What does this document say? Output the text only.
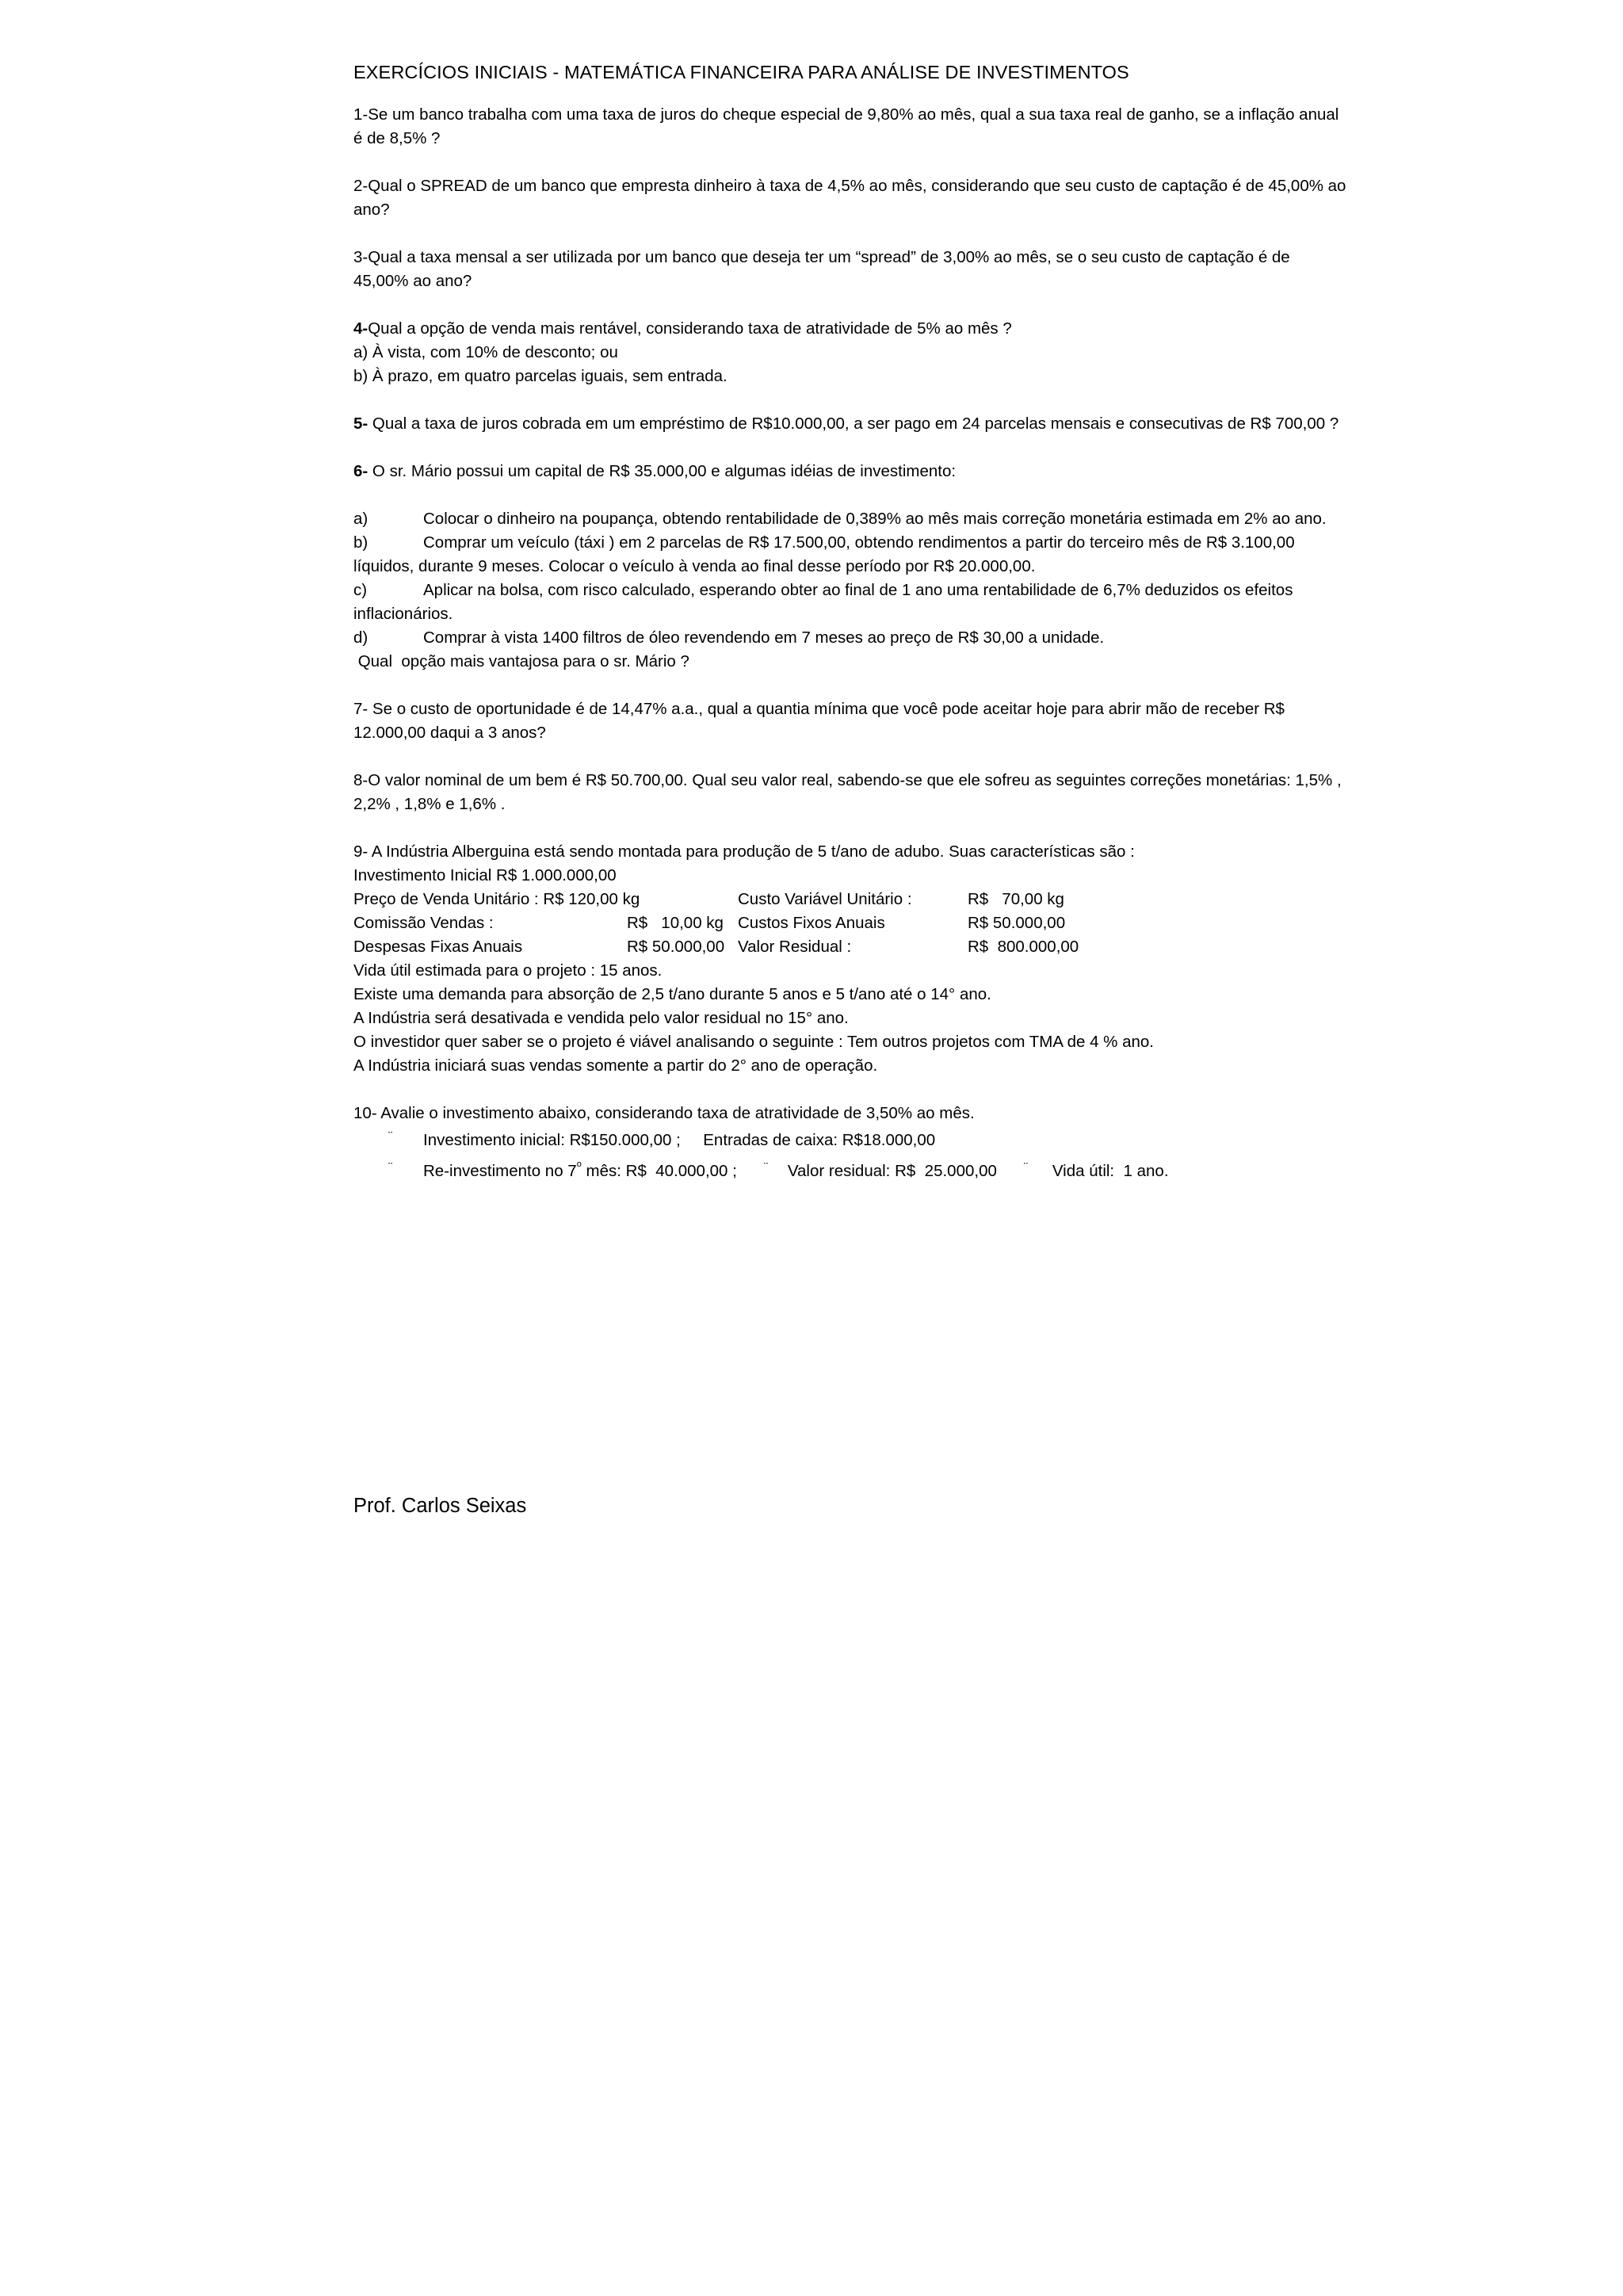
EXERCÍCIOS INICIAIS - MATEMÁTICA FINANCEIRA PARA ANÁLISE DE INVESTIMENTOS

1-Se um banco trabalha com uma taxa de juros do cheque especial de 9,80% ao mês, qual a sua taxa real de ganho, se a inflação anual é de 8,5% ?

2-Qual o SPREAD de um banco que empresta dinheiro à taxa de 4,5% ao mês, considerando que seu custo de captação é de 45,00% ao ano?

3-Qual a taxa mensal a ser utilizada por um banco que deseja ter um “spread” de 3,00% ao mês, se o seu custo de captação é de 45,00% ao ano?

4-Qual a opção de venda mais rentável, considerando taxa de atratividade de 5% ao mês ?

a) À vista, com 10% de desconto; ou

b) À prazo, em quatro parcelas iguais, sem entrada.

5- Qual a taxa de juros cobrada em um empréstimo de R$10.000,00, a ser pago em 24 parcelas mensais e consecutivas de R$ 700,00 ?

6- O sr. Mário possui um capital de R$ 35.000,00 e algumas idéias de investimento:

a)	Colocar o dinheiro na poupança, obtendo rentabilidade de 0,389% ao mês mais correção monetária estimada em 2% ao ano.

b)	Comprar um veículo (táxi ) em 2 parcelas de R$ 17.500,00, obtendo rendimentos a partir do terceiro mês de R$ 3.100,00 líquidos, durante 9 meses. Colocar o veículo à venda ao final desse período por R$ 20.000,00.

c)	Aplicar na bolsa, com risco calculado, esperando obter ao final de 1 ano uma rentabilidade de 6,7% deduzidos os efeitos inflacionários.

d)	Comprar à vista 1400 filtros de óleo revendendo em 7 meses ao preço de R$ 30,00 a unidade.

Qual  opção mais vantajosa para o sr. Mário ?

7- Se o custo de oportunidade é de 14,47% a.a., qual a quantia mínima que você pode aceitar hoje para abrir mão de receber R$ 12.000,00 daqui a 3 anos?

8-O valor nominal de um bem é R$ 50.700,00. Qual seu valor real, sabendo-se que ele sofreu as seguintes correções monetárias: 1,5% , 2,2% , 1,8% e 1,6% .

9- A Indústria Alberguina está sendo montada para produção de 5 t/ano de adubo. Suas características são :

Investimento Inicial R$ 1.000.000,00

Preço de Venda Unitário : R$ 120,00 kg	Custo Variável Unitário :	R$   70,00 kg
Comissão Vendas :	R$   10,00 kg Custos Fixos Anuais	R$ 50.000,00
Despesas Fixas Anuais	R$ 50.000,00 Valor Residual :	R$  800.000,00

Vida útil estimada para o projeto : 15 anos.

Existe uma demanda para absorção de 2,5 t/ano durante 5 anos e 5 t/ano até o 14° ano.

A Indústria será desativada e vendida pelo valor residual no 15° ano.

O investidor quer saber se o projeto é viável analisando o seguinte : Tem outros projetos com TMA de 4 % ano.

A Indústria iniciará suas vendas somente a partir do 2° ano de operação.

10- Avalie o investimento abaixo, considerando taxa de atratividade de 3,50% ao mês.

¨ Investimento inicial: R$150.000,00 ;     Entradas de caixa: R$18.000,00
¨ Re-investimento no 7$^o$ mês: R$  40.000,00 ; ¨ Valor residual: R$  25.000,00 ¨ Vida útil:  1 ano.
Prof. Carlos Seixas
